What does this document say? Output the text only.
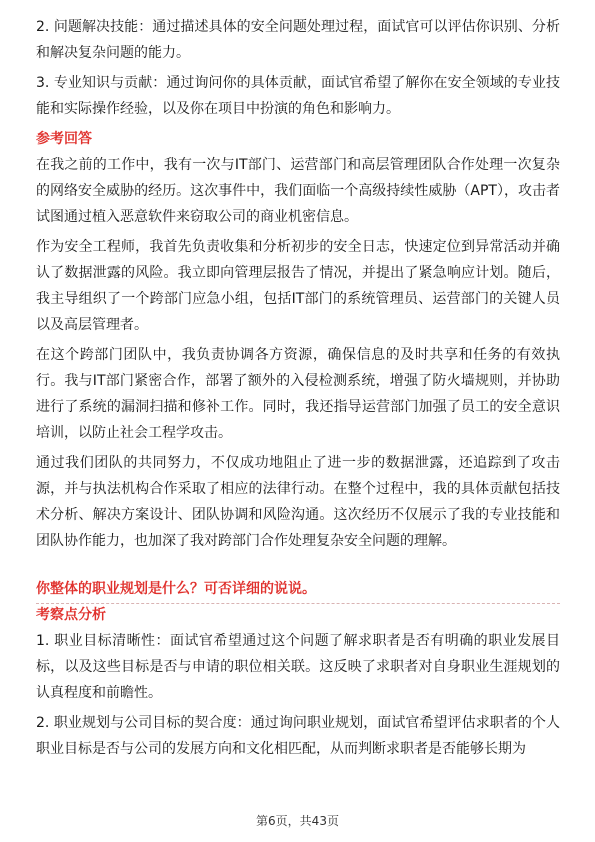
2. 问题解决技能：通过描述具体的安全问题处理过程，面试官可以评估你识别、分析和解决复杂问题的能力。

3. 专业知识与贡献：通过询问你的具体贡献，面试官希望了解你在安全领域的专业技能和实际操作经验，以及你在项目中扮演的角色和影响力。

参考回答

在我之前的工作中，我有一次与IT部门、运营部门和高层管理团队合作处理一次复杂的网络安全威胁的经历。这次事件中，我们面临一个高级持续性威胁（APT），攻击者试图通过植入恶意软件来窃取公司的商业机密信息。

作为安全工程师，我首先负责收集和分析初步的安全日志，快速定位到异常活动并确认了数据泄露的风险。我立即向管理层报告了情况，并提出了紧急响应计划。随后，我主导组织了一个跨部门应急小组，包括IT部门的系统管理员、运营部门的关键人员以及高层管理者。

在这个跨部门团队中，我负责协调各方资源，确保信息的及时共享和任务的有效执行。我与IT部门紧密合作，部署了额外的入侵检测系统，增强了防火墙规则，并协助进行了系统的漏洞扫描和修补工作。同时，我还指导运营部门加强了员工的安全意识培训，以防止社会工程学攻击。

通过我们团队的共同努力，不仅成功地阻止了进一步的数据泄露，还追踪到了攻击源，并与执法机构合作采取了相应的法律行动。在整个过程中，我的具体贡献包括技术分析、解决方案设计、团队协调和风险沟通。这次经历不仅展示了我的专业技能和团队协作能力，也加深了我对跨部门合作处理复杂安全问题的理解。

你整体的职业规划是什么？可否详细的说说。
考察点分析

1. 职业目标清晰性：面试官希望通过这个问题了解求职者是否有明确的职业发展目标，以及这些目标是否与申请的职位相关联。这反映了求职者对自身职业生涯规划的认真程度和前瞻性。

2. 职业规划与公司目标的契合度：通过询问职业规划，面试官希望评估求职者的个人职业目标是否与公司的发展方向和文化相匹配，从而判断求职者是否能够长期为

第6页，共43页
